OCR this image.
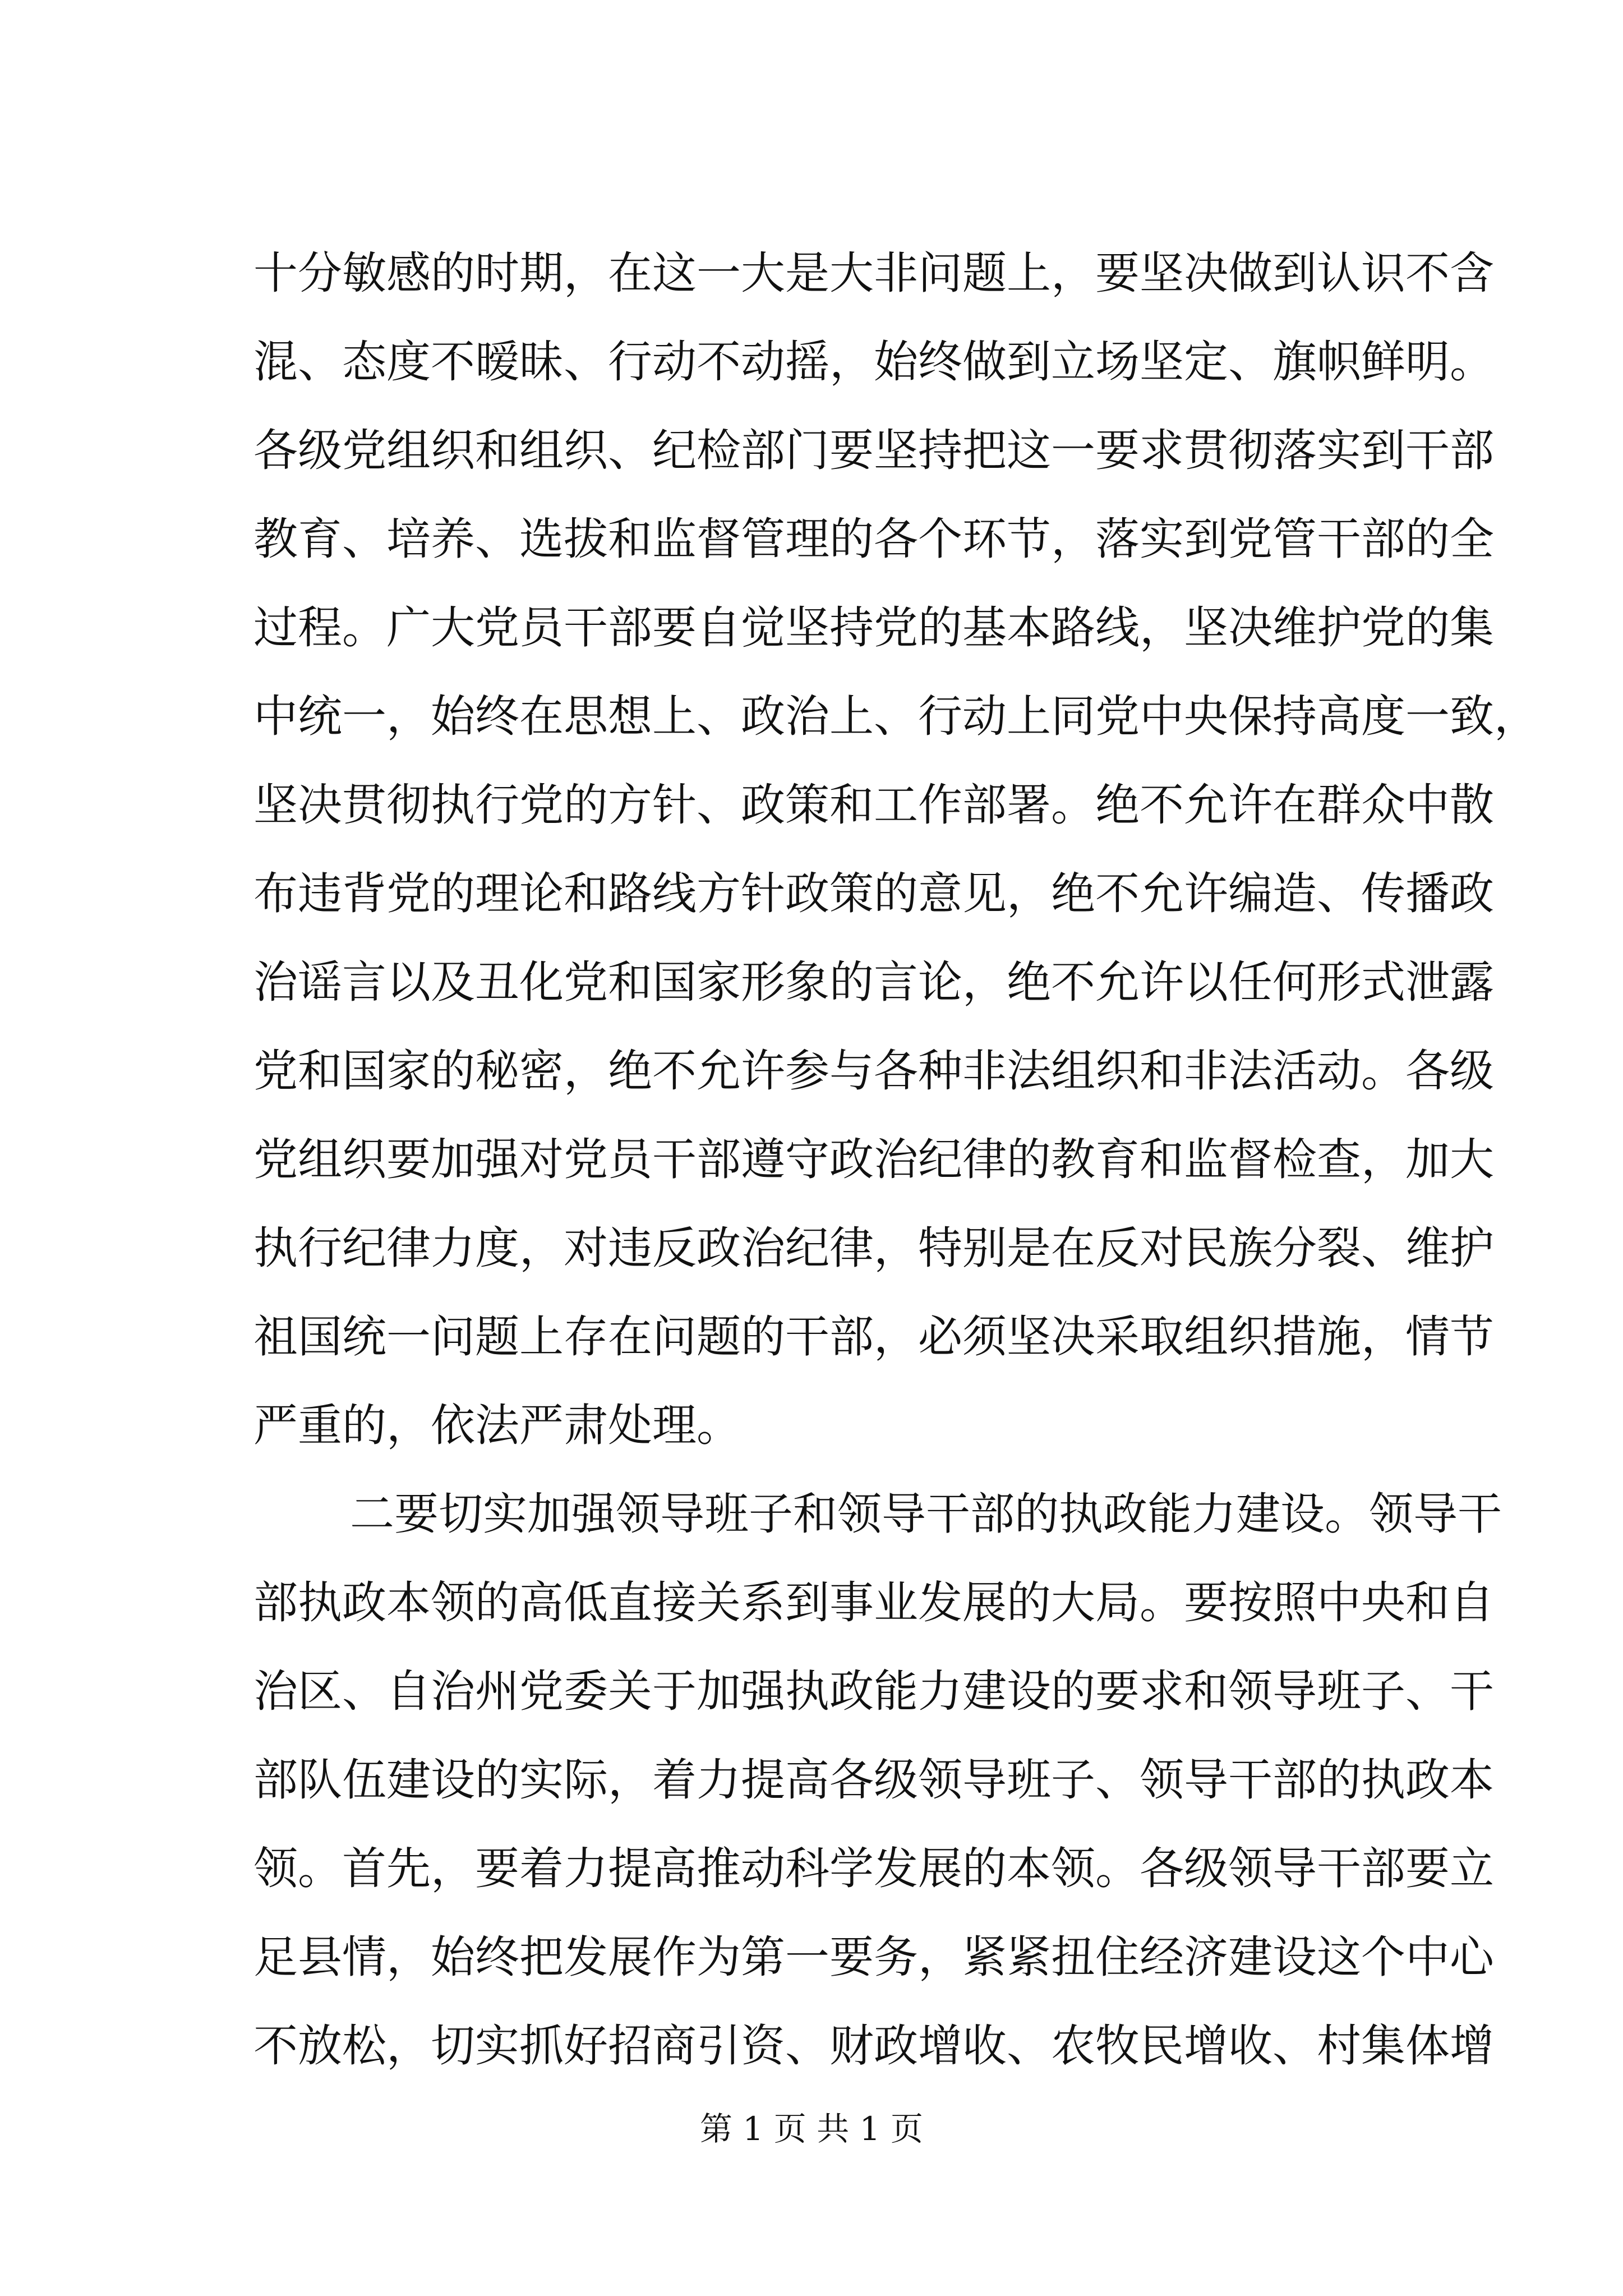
十分敏感的时期，在这一大是大非问题上，要坚决做到认识不含
混、态度不暧昧、行动不动摇，始终做到立场坚定、旗帜鲜明。
各级党组织和组织、纪检部门要坚持把这一要求贯彻落实到干部
教育、培养、选拔和监督管理的各个环节，落实到党管干部的全
过程。广大党员干部要自觉坚持党的基本路线，坚决维护党的集
中统一，始终在思想上、政治上、行动上同党中央保持高度一致，
坚决贯彻执行党的方针、政策和工作部署。绝不允许在群众中散
布违背党的理论和路线方针政策的意见，绝不允许编造、传播政
治谣言以及丑化党和国家形象的言论，绝不允许以任何形式泄露
党和国家的秘密，绝不允许参与各种非法组织和非法活动。各级
党组织要加强对党员干部遵守政治纪律的教育和监督检查，加大
执行纪律力度，对违反政治纪律，特别是在反对民族分裂、维护
祖国统一问题上存在问题的干部，必须坚决采取组织措施，情节
严重的，依法严肃处理。
二要切实加强领导班子和领导干部的执政能力建设。领导干
部执政本领的高低直接关系到事业发展的大局。要按照中央和自
治区、自治州党委关于加强执政能力建设的要求和领导班子、干
部队伍建设的实际，着力提高各级领导班子、领导干部的执政本
领。首先，要着力提高推动科学发展的本领。各级领导干部要立
足县情，始终把发展作为第一要务，紧紧扭住经济建设这个中心
不放松，切实抓好招商引资、财政增收、农牧民增收、村集体增
第 1 页 共 1 页
